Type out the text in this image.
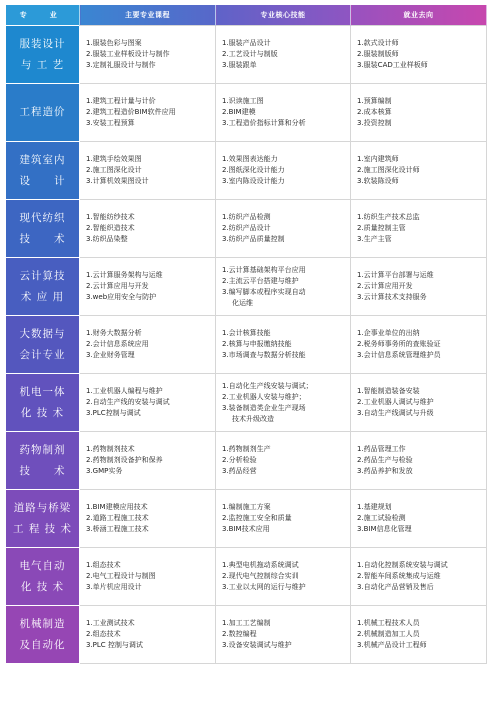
专　业	主要专业课程	专业核心技能	就业去向

服装设计
与 工 艺	1.服装色彩与图案
2.服装工业样板设计与制作
3.定制礼服设计与制作	1.服装产品设计
2.工艺设计与制版
3.服装跟单	1.款式设计师
2.服装制版师
3.服装CAD工业样板师

工程造价	1.建筑工程计量与计价
2.建筑工程造价BIM软件应用
3.安装工程预算	1.识读施工图
2.BIM建模
3.工程造价指标计算和分析	1.预算编制
2.成本核算
3.投资控制

建筑室内
设　　计	1.建筑手绘效果图
2.施工图深化设计
3.计算机效果图设计	1.效果图表达能力
2.图纸深化设计能力
3.室内陈设设计能力	1.室内建筑师
2.施工图深化设计师
3.软装陈设师

现代纺织
技　　术	1.智能纺纱技术
2.智能织造技术
3.纺织品染整	1.纺织产品检测
2.纺织产品设计
3.纺织产品质量控制	1.纺织生产技术总监
2.质量控制主管
3.生产主管

云计算技
术 应 用	1.云计算服务架构与运维
2.云计算应用与开发
3.web应用安全与防护	1.云计算基础架构平台应用
2.主流云平台搭建与维护
3.编写脚本或程序实现自动
化运维	1.云计算平台部署与运维
2.云计算应用开发
3.云计算技术支持服务

大数据与
会计专业	1.财务大数据分析
2.会计信息系统应用
3.企业财务管理	1.会计核算技能
2.核算与申报缴纳技能
3.市场调查与数据分析技能	1.企事业单位的出纳
2.税务师事务所的查账验证
3.会计信息系统管理维护员

机电一体
化 技 术	1.工业机器人编程与维护
2.自动生产线的安装与调试
3.PLC控制与调试	1.自动化生产线安装与调试；
2.工业机器人安装与维护；
3.装备制造类企业生产现场
技术升级改造	1.智能制造装备安装
2.工业机器人调试与维护
3.自动生产线调试与升级

药物制剂
技　　术	1.药物制剂技术
2.药物制剂设备护和保养
3.GMP实务	1.药物制剂生产
2.分析检验
3.药品经营	1.药品管理工作
2.药品生产与检验
3.药品养护和发放

道路与桥梁
工 程 技 术	1.BIM建模应用技术
2.道路工程施工技术
3.桥涵工程施工技术	1.编制施工方案
2.监控施工安全和质量
3.BIM技术应用	1.基建规划
2.施工试验检测
3.BIM信息化管理

电气自动
化 技 术	1.组态技术
2.电气工程设计与制图
3.单片机应用设计	1.典型电机拖动系统调试
2.现代电气控制综合实训
3.工业以太网的运行与维护	1.自动化控制系统安装与调试
2.智能车间系统集成与运维
3.自动化产品营销及售后

机械制造
及自动化	1.工业测试技术
2.组态技术
3.PLC 控制与调试	1.加工工艺编制
2.数控编程
3.设备安装调试与维护	1.机械工程技术人员
2.机械制造加工人员
3.机械产品设计工程师
